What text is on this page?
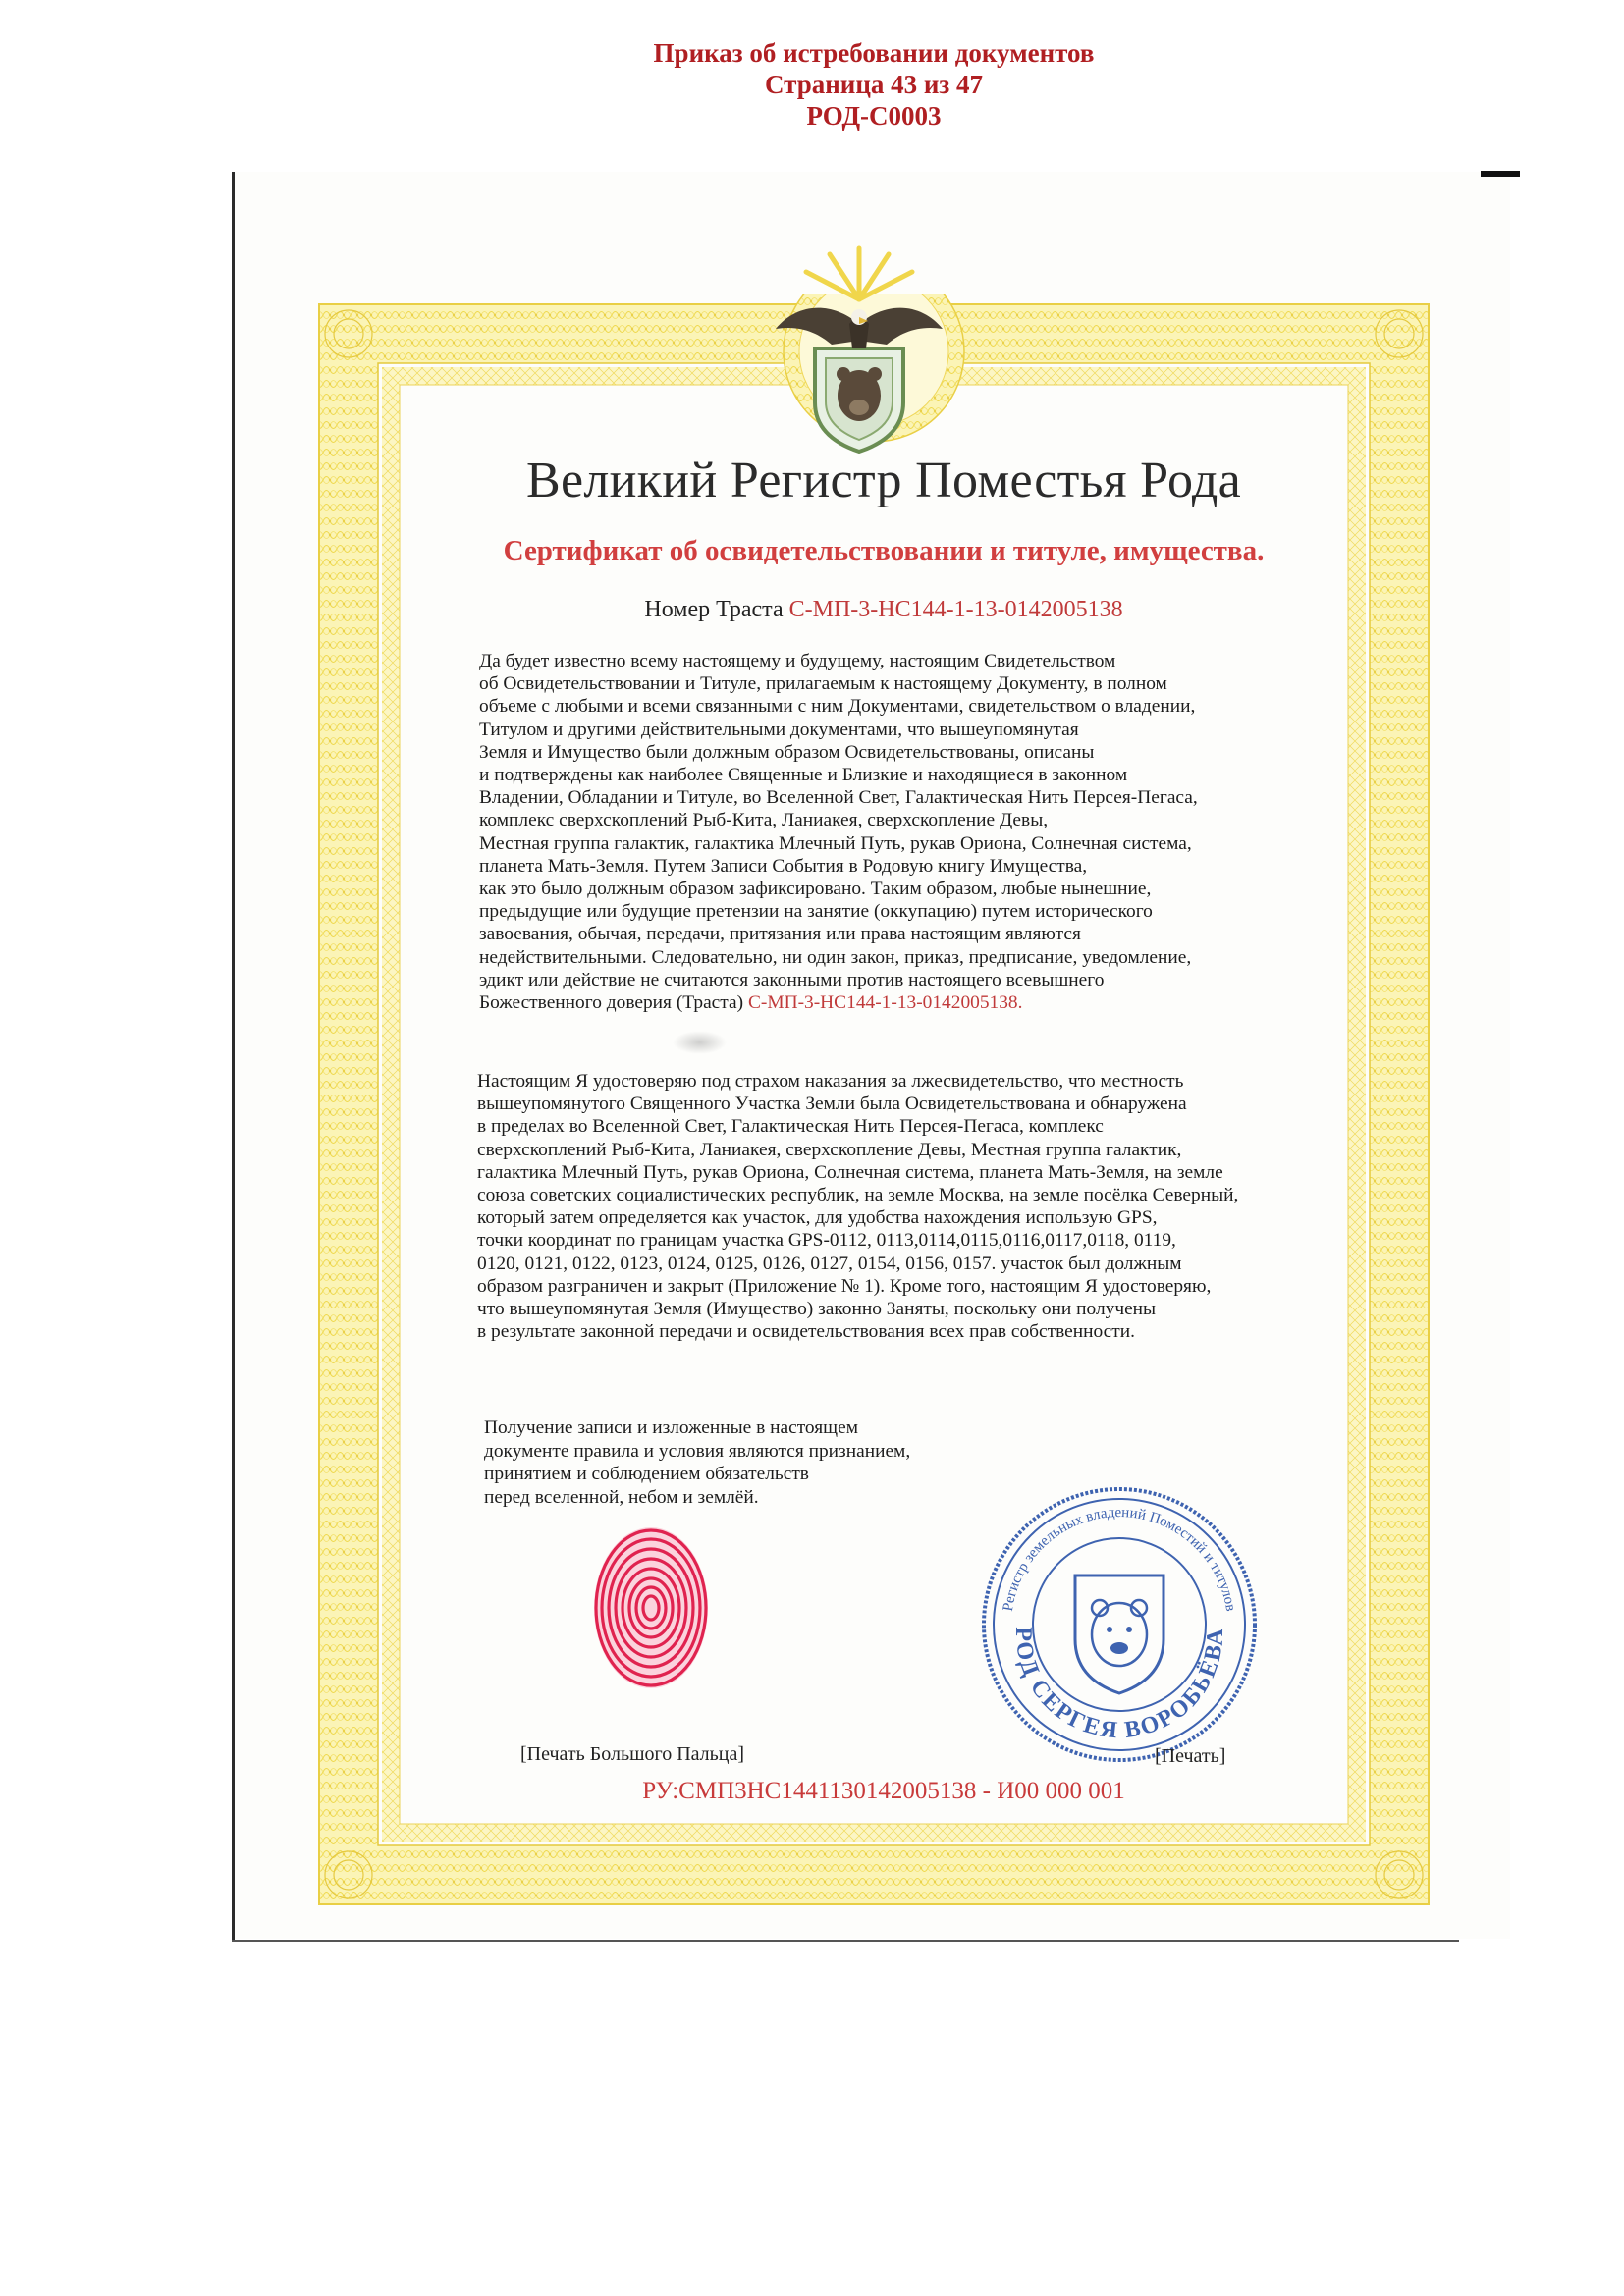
Приказ об истребовании документов
Страница 43 из 47
РОД-С0003
Великий Регистр Поместья Рода
Сертификат об освидетельствовании и титуле, имущества.
Номер Траста С-МП-3-НС144-1-13-0142005138

Да будет известно всему настоящему и будущему, настоящим Свидетельством
об Освидетельствовании и Титуле, прилагаемым к настоящему Документу, в полном
объеме с любыми и всеми связанными с ним Документами, свидетельством о владении,
Титулом и другими действительными документами, что вышеупомянутая
Земля и Имущество были должным образом Освидетельствованы, описаны
и подтверждены как наиболее Священные и Близкие и находящиеся в законном
Владении, Обладании и Титуле, во Вселенной Свет, Галактическая Нить Персея-Пегаса,
комплекс сверхскоплений Рыб-Кита, Ланиакея, сверхскопление Девы,
Местная группа галактик, галактика Млечный Путь, рукав Ориона, Солнечная система,
планета Мать-Земля. Путем Записи События в Родовую книгу Имущества,
как это было должным образом зафиксировано. Таким образом, любые нынешние,
предыдущие или будущие претензии на занятие (оккупацию) путем исторического
завоевания, обычая, передачи, притязания или права настоящим являются
недействительными. Следовательно, ни один закон, приказ, предписание, уведомление,
эдикт или действие не считаются законными против настоящего всевышнего
Божественного доверия (Траста) С-МП-3-НС144-1-13-0142005138.

Настоящим Я удостоверяю под страхом наказания за лжесвидетельство, что местность
вышеупомянутого Священного Участка Земли была Освидетельствована и обнаружена
в пределах во Вселенной Свет, Галактическая Нить Персея-Пегаса, комплекс
сверхскоплений Рыб-Кита, Ланиакея, сверхскопление Девы, Местная группа галактик,
галактика Млечный Путь, рукав Ориона, Солнечная система, планета Мать-Земля, на земле
союза советских социалистических республик, на земле Москва, на земле посёлка Северный,
который затем определяется как участок, для удобства нахождения использую GPS,
точки координат по границам участка GPS-0112, 0113,0114,0115,0116,0117,0118, 0119,
0120, 0121, 0122, 0123, 0124, 0125, 0126, 0127, 0154, 0156, 0157. участок был должным
образом разграничен и закрыт (Приложение № 1). Кроме того, настоящим Я удостоверяю,
что вышеупомянутая Земля (Имущество) законно Заняты, поскольку они получены
в результате законной передачи и освидетельствования всех прав собственности.

Получение записи и изложенные в настоящем
документе правила и условия являются признанием,
принятием и соблюдением обязательств
перед вселенной, небом и землёй.

Регистр земельных владений Поместий и титулов
РОД СЕРГЕЯ ВОРОБЬЁВА
[Печать Большого Пальца]	[Печать]
РУ:СМП3НС1441130142005138 - И00 000 001
